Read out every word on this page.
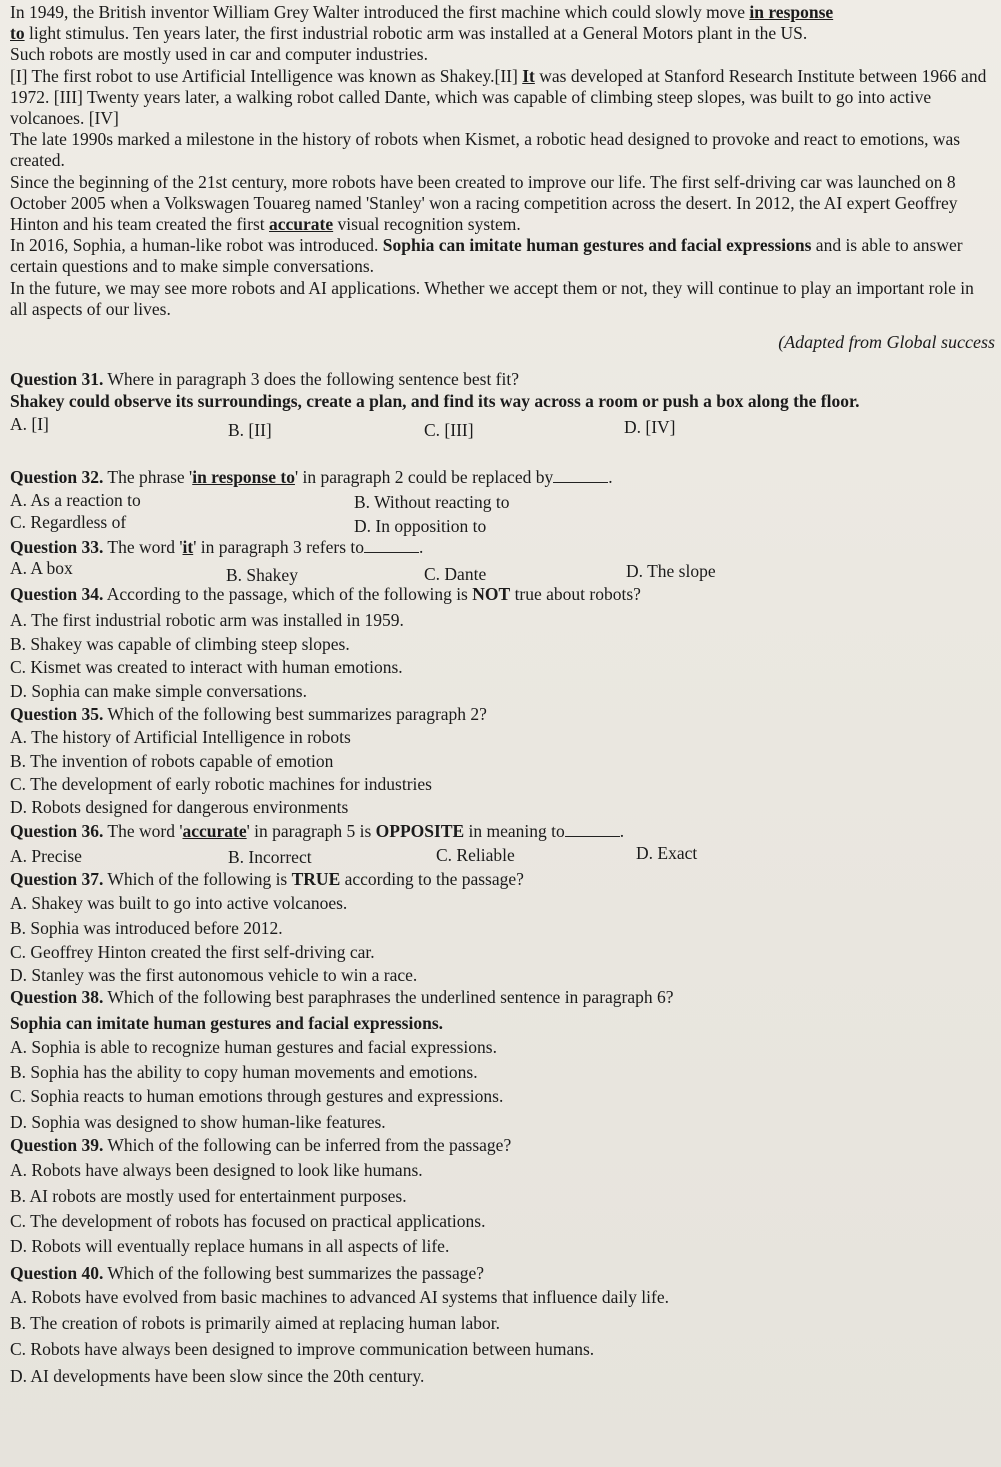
In 1949, the British inventor William Grey Walter introduced the first machine which could slowly move in response
to light stimulus. Ten years later, the first industrial robotic arm was installed at a General Motors plant in the US.
Such robots are mostly used in car and computer industries.

[I] The first robot to use Artificial Intelligence was known as Shakey.[II] It was developed at Stanford Research Institute between 1966 and 1972. [III] Twenty years later, a walking robot called Dante, which was capable of climbing steep slopes, was built to go into active volcanoes. [IV]

The late 1990s marked a milestone in the history of robots when Kismet, a robotic head designed to provoke and react to emotions, was created.

Since the beginning of the 21st century, more robots have been created to improve our life. The first self-driving car was launched on 8 October 2005 when a Volkswagen Touareg named 'Stanley' won a racing competition across the desert. In 2012, the AI expert Geoffrey Hinton and his team created the first accurate visual recognition system.

In 2016, Sophia, a human-like robot was introduced. Sophia can imitate human gestures and facial expressions and is able to answer certain questions and to make simple conversations.

In the future, we may see more robots and AI applications. Whether we accept them or not, they will continue to play an important role in all aspects of our lives.

(Adapted from Global success
Question 31. Where in paragraph 3 does the following sentence best fit?
Shakey could observe its surroundings, create a plan, and find its way across a room or push a box along the floor.
A. [I]	B. [II]	C. [III]	D. [IV]
Question 32. The phrase 'in response to' in paragraph 2 could be replaced by	.
A. As a reaction to	B. Without reacting to
C. Regardless of	D. In opposition to
Question 33. The word 'it' in paragraph 3 refers to	.
A. A box	B. Shakey	C. Dante	D. The slope
Question 34. According to the passage, which of the following is NOT true about robots?
A. The first industrial robotic arm was installed in 1959.
B. Shakey was capable of climbing steep slopes.
C. Kismet was created to interact with human emotions.
D. Sophia can make simple conversations.
Question 35. Which of the following best summarizes paragraph 2?
A. The history of Artificial Intelligence in robots
B. The invention of robots capable of emotion
C. The development of early robotic machines for industries
D. Robots designed for dangerous environments
Question 36. The word 'accurate' in paragraph 5 is OPPOSITE in meaning to	.
A. Precise	B. Incorrect	C. Reliable	D. Exact
Question 37. Which of the following is TRUE according to the passage?
A. Shakey was built to go into active volcanoes.
B. Sophia was introduced before 2012.
C. Geoffrey Hinton created the first self-driving car.
D. Stanley was the first autonomous vehicle to win a race.
Question 38. Which of the following best paraphrases the underlined sentence in paragraph 6?
Sophia can imitate human gestures and facial expressions.
A. Sophia is able to recognize human gestures and facial expressions.
B. Sophia has the ability to copy human movements and emotions.
C. Sophia reacts to human emotions through gestures and expressions.
D. Sophia was designed to show human-like features.
Question 39. Which of the following can be inferred from the passage?
A. Robots have always been designed to look like humans.
B. AI robots are mostly used for entertainment purposes.
C. The development of robots has focused on practical applications.
D. Robots will eventually replace humans in all aspects of life.
Question 40. Which of the following best summarizes the passage?
A. Robots have evolved from basic machines to advanced AI systems that influence daily life.
B. The creation of robots is primarily aimed at replacing human labor.
C. Robots have always been designed to improve communication between humans.
D. AI developments have been slow since the 20th century.
